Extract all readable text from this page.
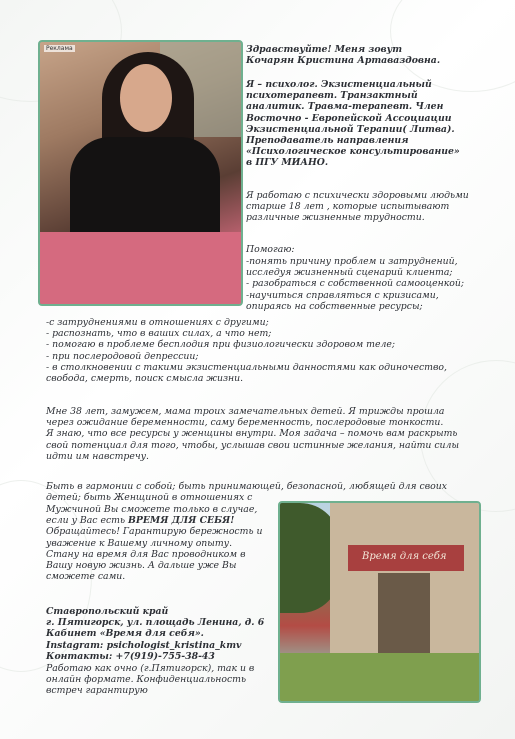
Реклама
Время для себя

Здравствуйте! Меня зовут
Кочарян Кристина Артаваздовна.

Я – психолог. Экзистенциальный
психотерапевт. Транзактный
аналитик. Травма-терапевт. Член
Восточно - Европейской Ассоциации
Экзистенциальной Терапии( Литва).
Преподаватель направления
«Психологическое консультирование»
в ПГУ МИАНО.

Я работаю с психически здоровыми людьми
старше 18 лет , которые испытывают
различные жизненные трудности.

Помогаю:

-понять причину проблем и затруднений,
исследуя жизненный сценарий клиента;
- разобраться с собственной самооценкой;
-научиться справляться с кризисами,
опираясь на собственные ресурсы;

-с затруднениями в отношениях с другими;
- распознать, что в ваших силах, а что нет;
- помогаю в проблеме бесплодия при физиологически здоровом теле;
- при послеродовой депрессии;
- в столкновении с такими экзистенциальными данностями как одиночество,
свобода, смерть, поиск смысла жизни.

Мне 38 лет, замужем, мама троих замечательных детей. Я трижды прошла
через ожидание беременности, саму беременность, послеродовые тонкости.
Я знаю, что все ресурсы у женщины внутри. Моя задача – помочь вам раскрыть
свой потенциал для того, чтобы, услышав свои истинные желания, найти силы
идти им навстречу.

Быть в гармонии с собой; быть принимающей, безопасной, любящей для своих
детей; быть Женщиной в отношениях с

Мужчиной Вы сможете только в случае,
если у Вас есть ВРЕМЯ ДЛЯ СЕБЯ!
Обращайтесь! Гарантирую бережность и
уважение к Вашему личному опыту.
Стану на время для Вас проводником в
Вашу новую жизнь. А дальше уже Вы
сможете сами.

Ставропольский край
г. Пятигорск, ул. площадь Ленина, д. 6
Кабинет «Время для себя».
Instagram: psichologist_kristina_kmv
Контакты: +7(919)-755-38-43

Работаю как очно (г.Пятигорск), так и в
онлайн формате. Конфиденциальность
встреч гарантирую
